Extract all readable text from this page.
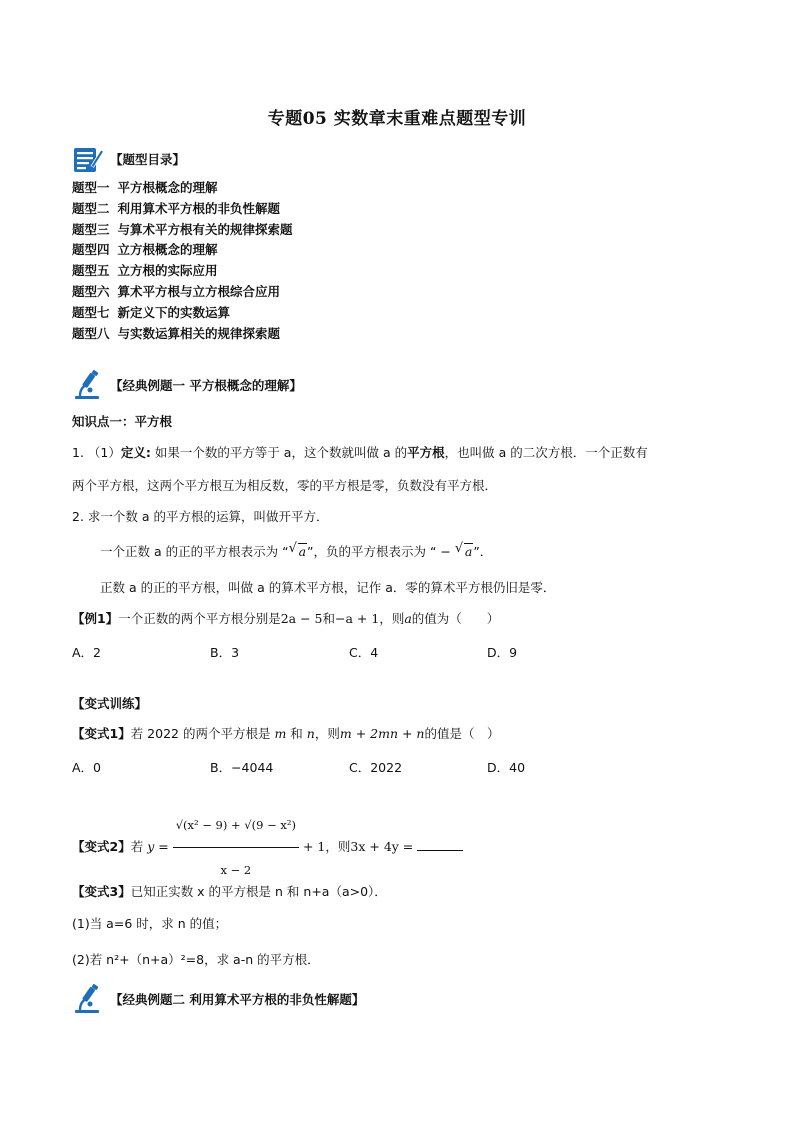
专题05 实数章末重难点题型专训
【题型目录】
题型一 平方根概念的理解
题型二 利用算术平方根的非负性解题
题型三 与算术平方根有关的规律探索题
题型四 立方根概念的理解
题型五 立方根的实际应用
题型六 算术平方根与立方根综合应用
题型七 新定义下的实数运算
题型八 与实数运算相关的规律探索题
【经典例题一 平方根概念的理解】
知识点一：平方根
1. （1）定义: 如果一个数的平方等于 a，这个数就叫做 a 的平方根，也叫做 a 的二次方根．一个正数有
两个平方根，这两个平方根互为相反数，零的平方根是零，负数没有平方根．
2. 求一个数 a 的平方根的运算，叫做开平方．
一个正数 a 的正的平方根表示为 “ √ a”，负的平方根表示为 “ − √ a”．
正数 a 的正的平方根，叫做 a 的算术平方根，记作 a．零的算术平方根仍旧是零．
【例1】一个正数的两个平方根分别是2a − 5和−a + 1，则a的值为（　　）
A．2	B．3	C．4	D．9
【变式训练】
【变式1】若 2022 的两个平方根是 m 和 n，则m + 2mn + n的值是（　）
A．0	B．−4044	C．2022	D．40
【变式2】若 $y = \frac{\text{√(x² − 9) + √(9 − x²)}}{x - 2} + 1$，则3x + 4y =
【变式3】已知正实数 x 的平方根是 n 和 n+a（a>0）．
(1)当 a=6 时，求 n 的值；
(2)若 n²+（n+a）²=8，求 a-n 的平方根．
【经典例题二 利用算术平方根的非负性解题】
